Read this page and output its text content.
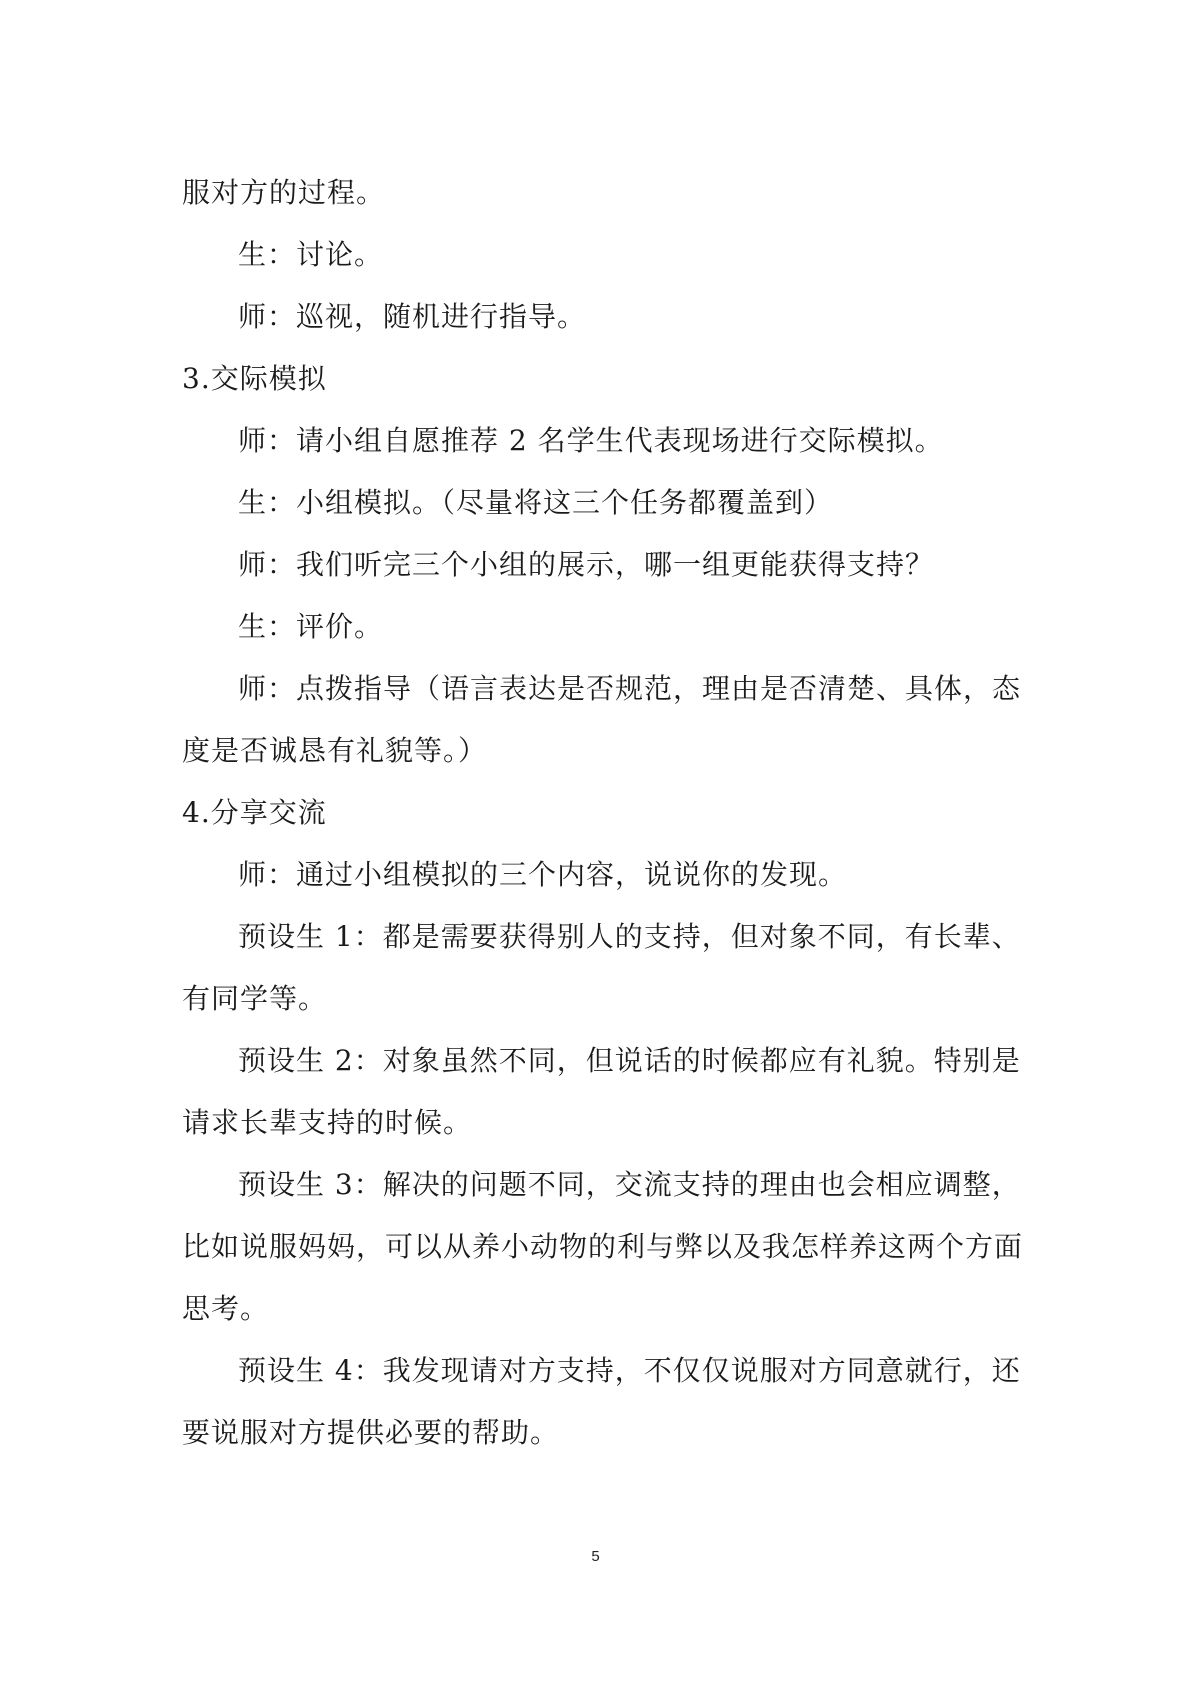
服对方的过程。
生：讨论。
师：巡视，随机进行指导。
3.交际模拟
师：请小组自愿推荐 2 名学生代表现场进行交际模拟。
生：小组模拟。（尽量将这三个任务都覆盖到）
师：我们听完三个小组的展示，哪一组更能获得支持？
生：评价。
师：点拨指导（语言表达是否规范，理由是否清楚、具体，态
度是否诚恳有礼貌等。）
4.分享交流
师：通过小组模拟的三个内容，说说你的发现。
预设生 1：都是需要获得别人的支持，但对象不同，有长辈、
有同学等。
预设生 2：对象虽然不同，但说话的时候都应有礼貌。特别是
请求长辈支持的时候。
预设生 3：解决的问题不同，交流支持的理由也会相应调整，
比如说服妈妈，可以从养小动物的利与弊以及我怎样养这两个方面
思考。
预设生 4：我发现请对方支持，不仅仅说服对方同意就行，还
要说服对方提供必要的帮助。
5
